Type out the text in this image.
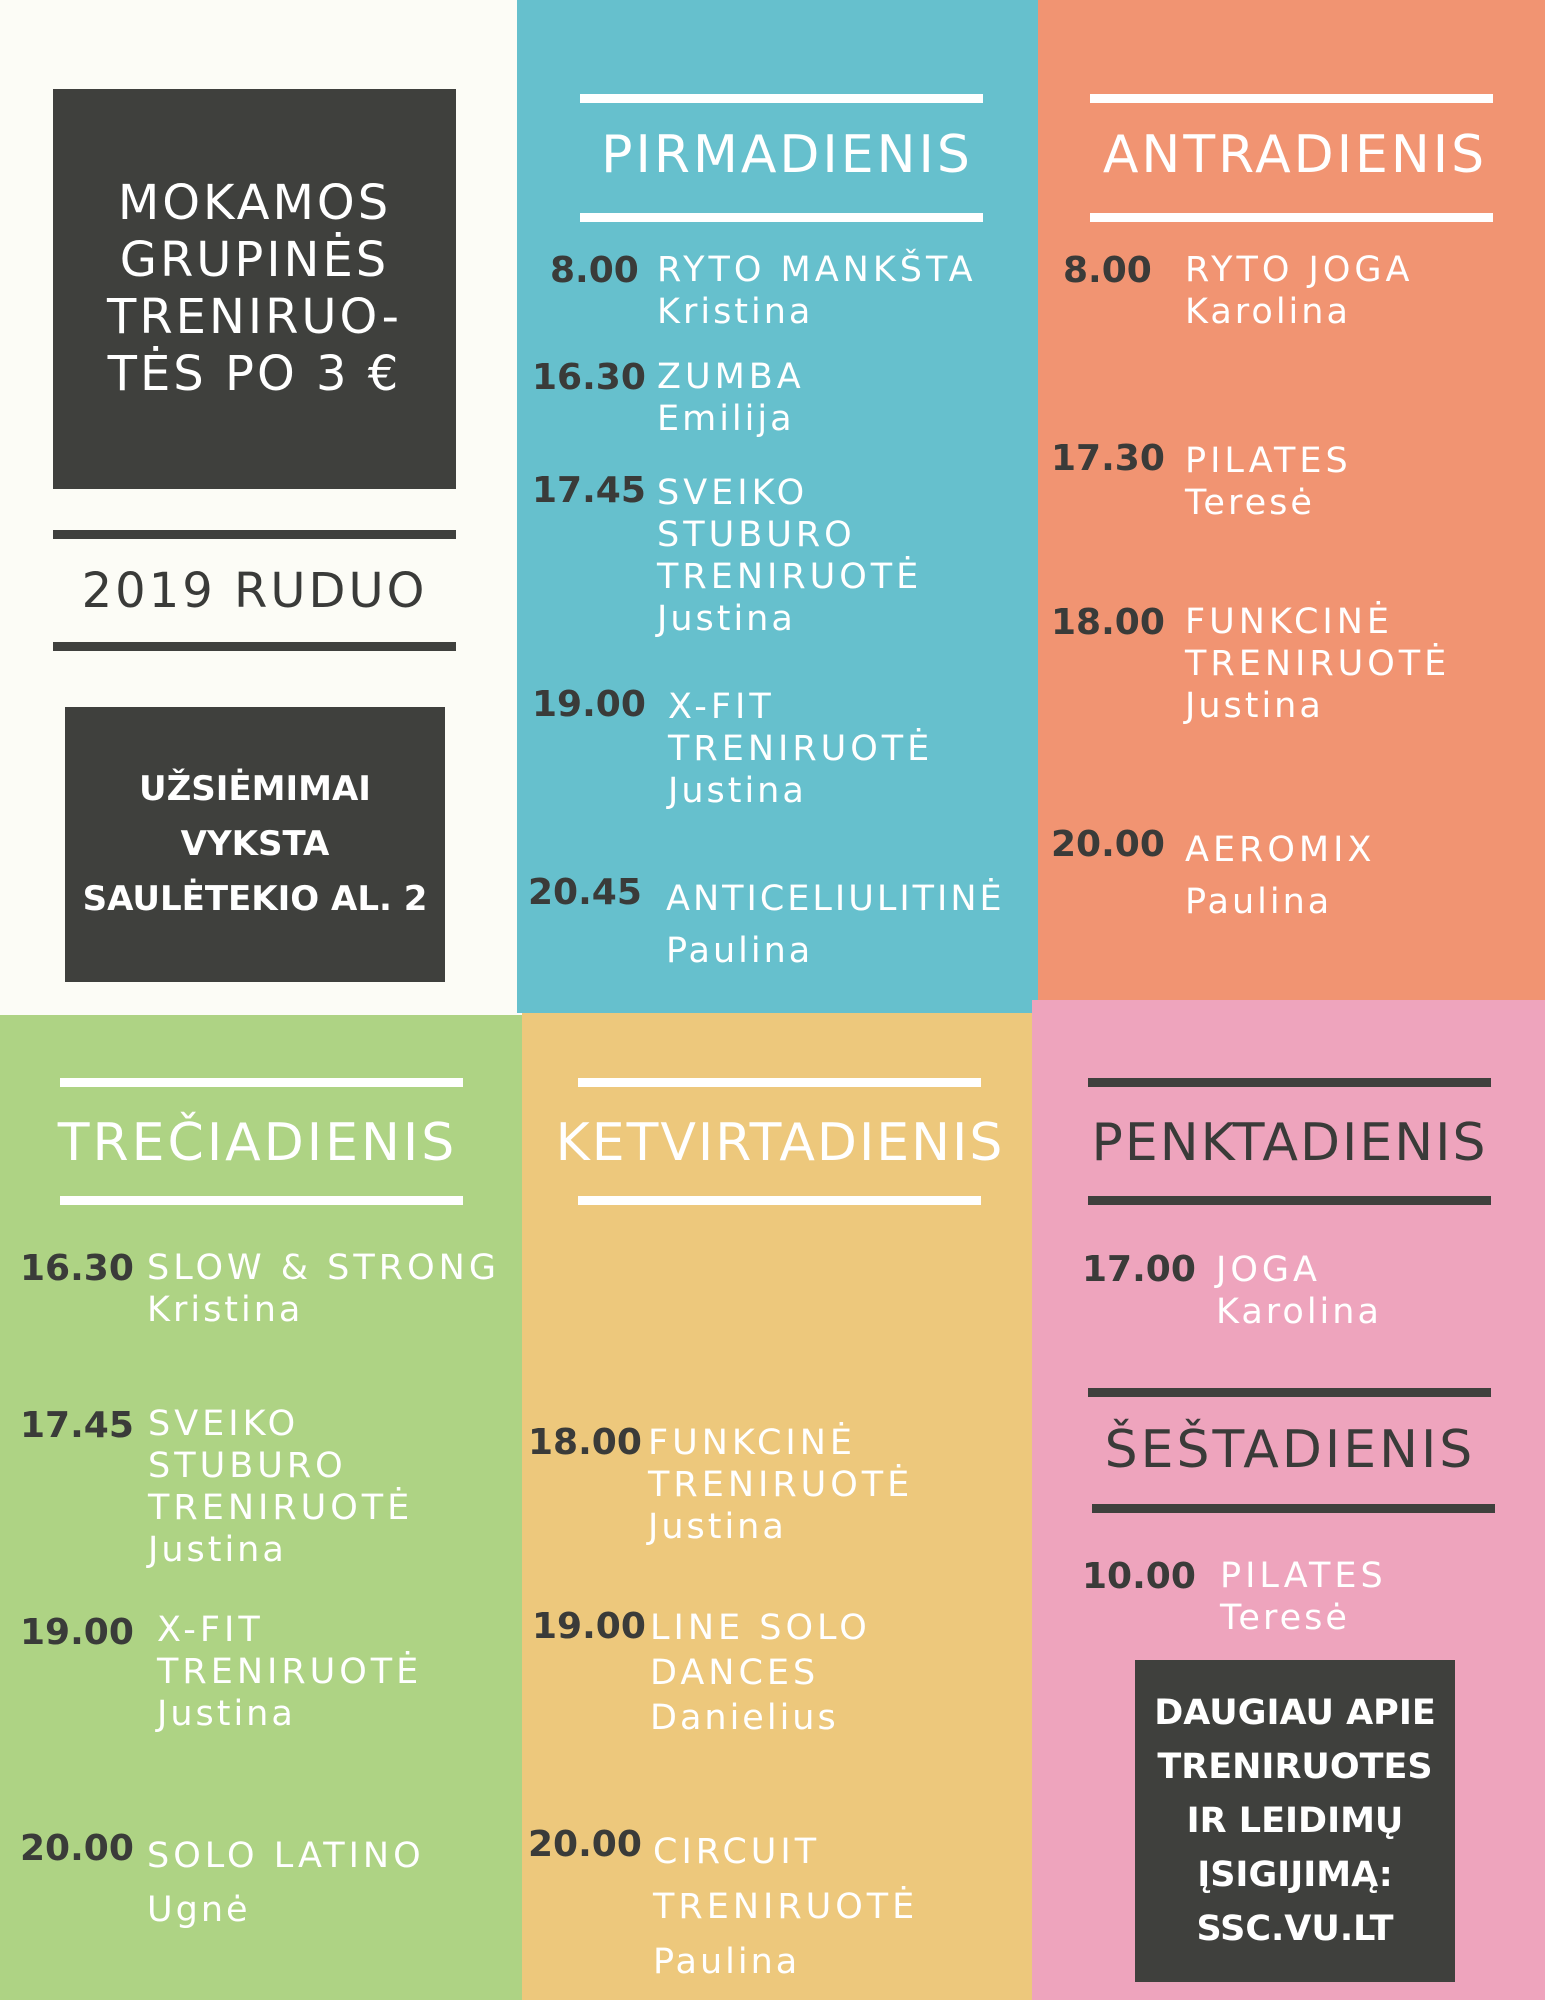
MOKAMOS
GRUPINĖS
TRENIRUO-
TĖS PO 3 €
2019 RUDUO
UŽSIĖMIMAI
VYKSTA
SAULĖTEKIO AL. 2
PIRMADIENIS
8.00 RYTO MANKŠTA
Kristina
16.30 ZUMBA
Emilija
17.45 SVEIKO
STUBURO
TRENIRUOTĖ
Justina
19.00 X-FIT
TRENIRUOTĖ
Justina
20.45 ANTICELIULITINĖ
Paulina
ANTRADIENIS
8.00 RYTO JOGA
Karolina
17.30 PILATES
Teresė
18.00 FUNKCINĖ
TRENIRUOTĖ
Justina
20.00 AEROMIX
Paulina
TREČIADIENIS
16.30 SLOW & STRONG
Kristina
17.45 SVEIKO
STUBURO
TRENIRUOTĖ
Justina
19.00 X-FIT
TRENIRUOTĖ
Justina
20.00 SOLO LATINO
Ugnė
KETVIRTADIENIS
18.00 FUNKCINĖ
TRENIRUOTĖ
Justina
19.00 LINE SOLO
DANCES
Danielius
20.00 CIRCUIT
TRENIRUOTĖ
Paulina
PENKTADIENIS
17.00 JOGA
Karolina
ŠEŠTADIENIS
10.00 PILATES
Teresė
DAUGIAU APIE
TRENIRUOTES
IR LEIDIMŲ
ĮSIGIJIMĄ:
SSC.VU.LT
